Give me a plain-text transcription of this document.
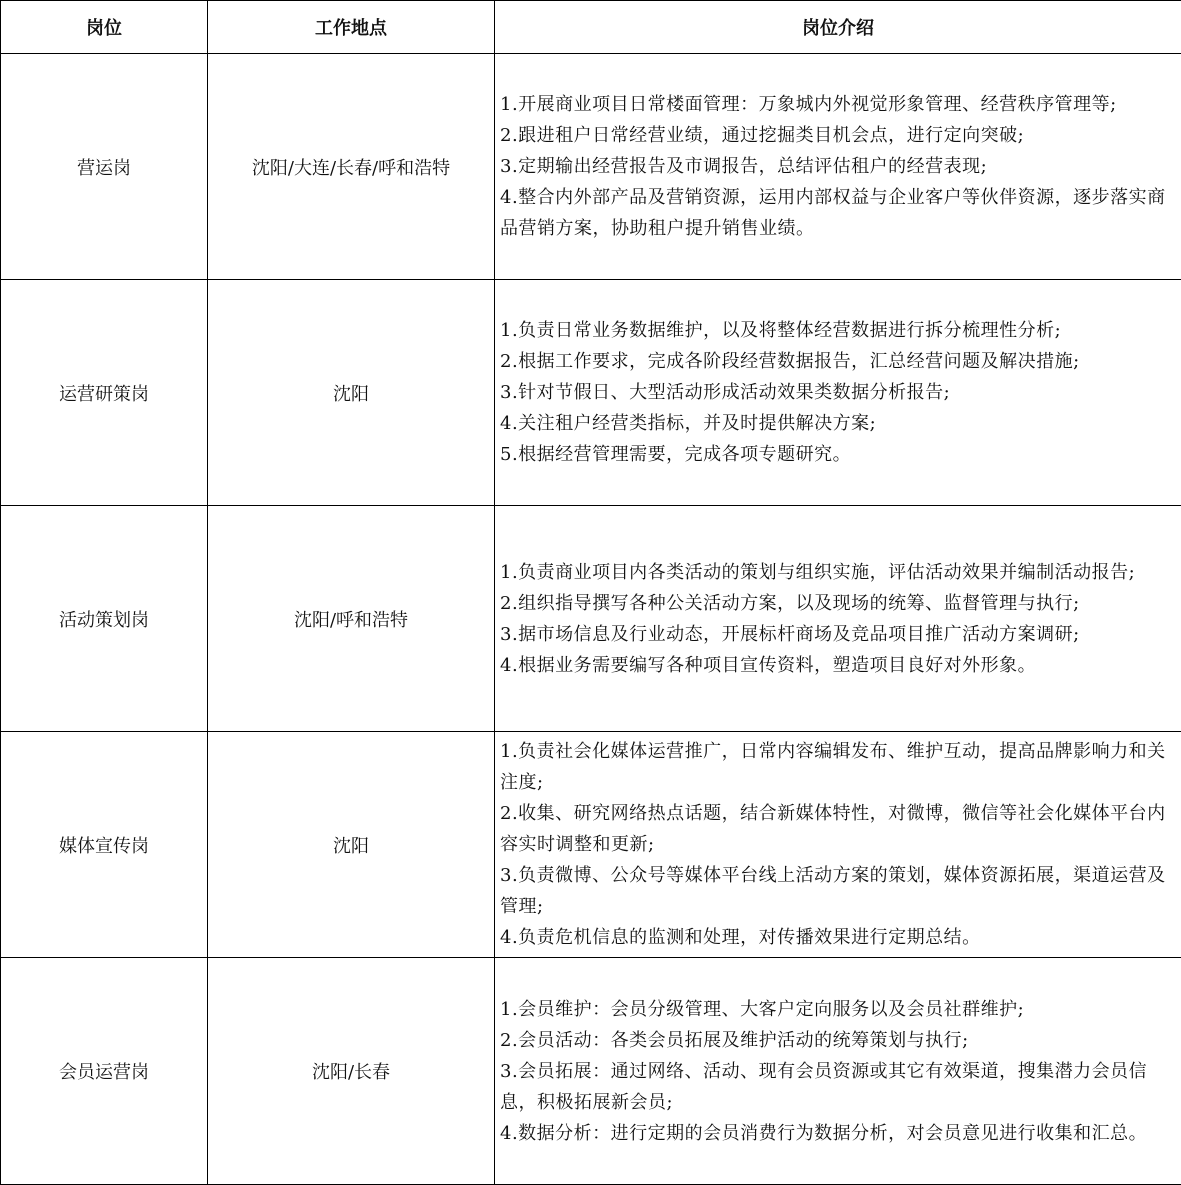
岗位	工作地点	岗位介绍
营运岗	沈阳/大连/长春/呼和浩特	1.开展商业项目日常楼面管理：万象城内外视觉形象管理、经营秩序管理等;
2.跟进租户日常经营业绩，通过挖掘类目机会点，进行定向突破;
3.定期输出经营报告及市调报告，总结评估租户的经营表现;
4.整合内外部产品及营销资源，运用内部权益与企业客户等伙伴资源，逐步落实商品营销方案，协助租户提升销售业绩。

运营研策岗	沈阳	1.负责日常业务数据维护，以及将整体经营数据进行拆分梳理性分析;
2.根据工作要求，完成各阶段经营数据报告，汇总经营问题及解决措施;
3.针对节假日、大型活动形成活动效果类数据分析报告;
4.关注租户经营类指标，并及时提供解决方案;
5.根据经营管理需要，完成各项专题研究。

活动策划岗	沈阳/呼和浩特	1.负责商业项目内各类活动的策划与组织实施，评估活动效果并编制活动报告;
2.组织指导撰写各种公关活动方案，以及现场的统筹、监督管理与执行;
3.据市场信息及行业动态，开展标杆商场及竞品项目推广活动方案调研;
4.根据业务需要编写各种项目宣传资料，塑造项目良好对外形象。

媒体宣传岗	沈阳	1.负责社会化媒体运营推广，日常内容编辑发布、维护互动，提高品牌影响力和关注度;
2.收集、研究网络热点话题，结合新媒体特性，对微博，微信等社会化媒体平台内容实时调整和更新;
3.负责微博、公众号等媒体平台线上活动方案的策划，媒体资源拓展，渠道运营及管理;
4.负责危机信息的监测和处理，对传播效果进行定期总结。

会员运营岗	沈阳/长春	1.会员维护：会员分级管理、大客户定向服务以及会员社群维护;
2.会员活动：各类会员拓展及维护活动的统筹策划与执行;
3.会员拓展：通过网络、活动、现有会员资源或其它有效渠道，搜集潜力会员信息，积极拓展新会员;
4.数据分析：进行定期的会员消费行为数据分析，对会员意见进行收集和汇总。
